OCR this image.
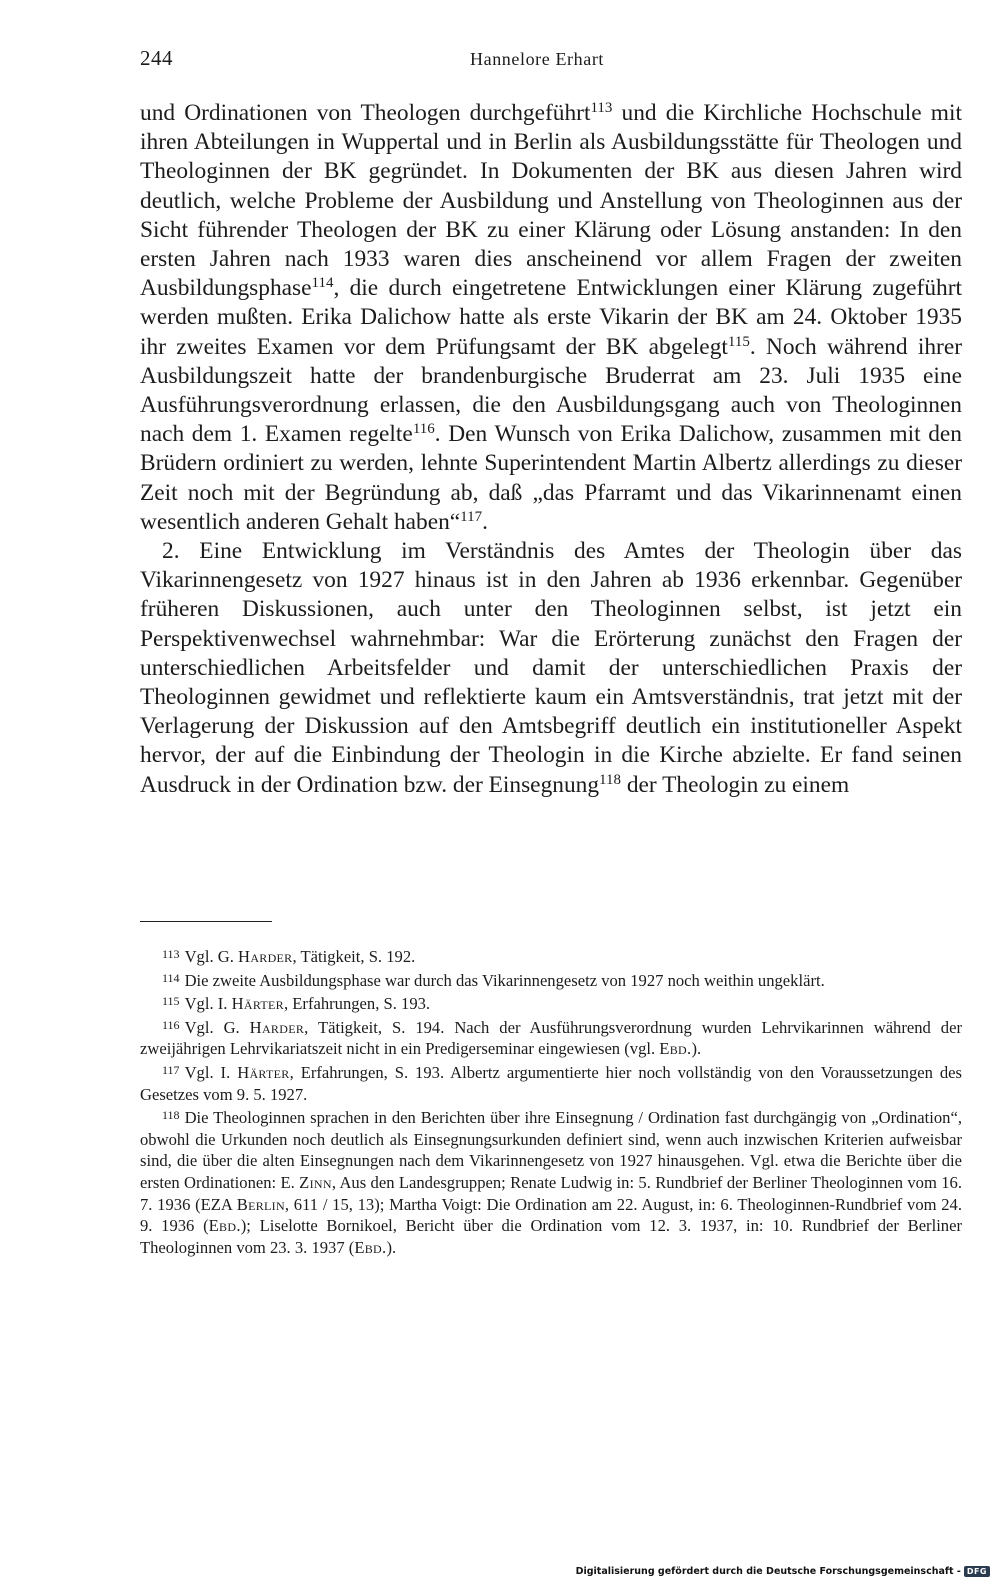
244	Hannelore Erhart

und Ordinationen von Theologen durchgeführt$^{113}$ und die Kirchliche Hochschule mit ihren Abteilungen in Wuppertal und in Berlin als Ausbildungsstätte für Theologen und Theologinnen der BK gegründet. In Dokumenten der BK aus diesen Jahren wird deutlich, welche Probleme der Ausbildung und Anstellung von Theologinnen aus der Sicht führender Theologen der BK zu einer Klärung oder Lösung anstanden: In den ersten Jahren nach 1933 waren dies anscheinend vor allem Fragen der zweiten Ausbildungsphase$^{114}$, die durch eingetretene Entwicklungen einer Klärung zugeführt werden mußten. Erika Dalichow hatte als erste Vikarin der BK am 24. Oktober 1935 ihr zweites Examen vor dem Prüfungsamt der BK abgelegt$^{115}$. Noch während ihrer Ausbildungszeit hatte der brandenburgische Bruderrat am 23. Juli 1935 eine Ausführungsverordnung erlassen, die den Ausbildungsgang auch von Theologinnen nach dem 1. Examen regelte$^{116}$. Den Wunsch von Erika Dalichow, zusammen mit den Brüdern ordiniert zu werden, lehnte Superintendent Martin Albertz allerdings zu dieser Zeit noch mit der Begründung ab, daß „das Pfarramt und das Vikarinnenamt einen wesentlich anderen Gehalt haben“$^{117}$.

2. Eine Entwicklung im Verständnis des Amtes der Theologin über das Vikarinnengesetz von 1927 hinaus ist in den Jahren ab 1936 erkennbar. Gegenüber früheren Diskussionen, auch unter den Theologinnen selbst, ist jetzt ein Perspektivenwechsel wahrnehmbar: War die Erörterung zunächst den Fragen der unterschiedlichen Arbeitsfelder und damit der unterschiedlichen Praxis der Theologinnen gewidmet und reflektierte kaum ein Amtsverständnis, trat jetzt mit der Verlagerung der Diskussion auf den Amtsbegriff deutlich ein institutioneller Aspekt hervor, der auf die Einbindung der Theologin in die Kirche abzielte. Er fand seinen Ausdruck in der Ordination bzw. der Einsegnung$^{118}$ der Theologin zu einem

$^{113}$ Vgl. G. Harder, Tätigkeit, S. 192.

$^{114}$ Die zweite Ausbildungsphase war durch das Vikarinnengesetz von 1927 noch weithin ungeklärt.

$^{115}$ Vgl. I. Härter, Erfahrungen, S. 193.

$^{116}$ Vgl. G. Harder, Tätigkeit, S. 194. Nach der Ausführungsverordnung wurden Lehrvikarinnen während der zweijährigen Lehrvikariatszeit nicht in ein Predigerseminar eingewiesen (vgl. Ebd.).

$^{117}$ Vgl. I. Härter, Erfahrungen, S. 193. Albertz argumentierte hier noch vollständig von den Voraussetzungen des Gesetzes vom 9. 5. 1927.

$^{118}$ Die Theologinnen sprachen in den Berichten über ihre Einsegnung / Ordination fast durchgängig von „Ordination“, obwohl die Urkunden noch deutlich als Einsegnungsurkunden definiert sind, wenn auch inzwischen Kriterien aufweisbar sind, die über die alten Einsegnungen nach dem Vikarinnengesetz von 1927 hinausgehen. Vgl. etwa die Berichte über die ersten Ordinationen: E. Zinn, Aus den Landesgruppen; Renate Ludwig in: 5. Rundbrief der Berliner Theologinnen vom 16. 7. 1936 (EZA Berlin, 611 / 15, 13); Martha Voigt: Die Ordination am 22. August, in: 6. Theologinnen-Rundbrief vom 24. 9. 1936 (Ebd.); Liselotte Bornikoel, Bericht über die Ordination vom 12. 3. 1937, in: 10. Rundbrief der Berliner Theologinnen vom 23. 3. 1937 (Ebd.).

Digitalisierung gefördert durch die Deutsche Forschungsgemeinschaft - DFG
